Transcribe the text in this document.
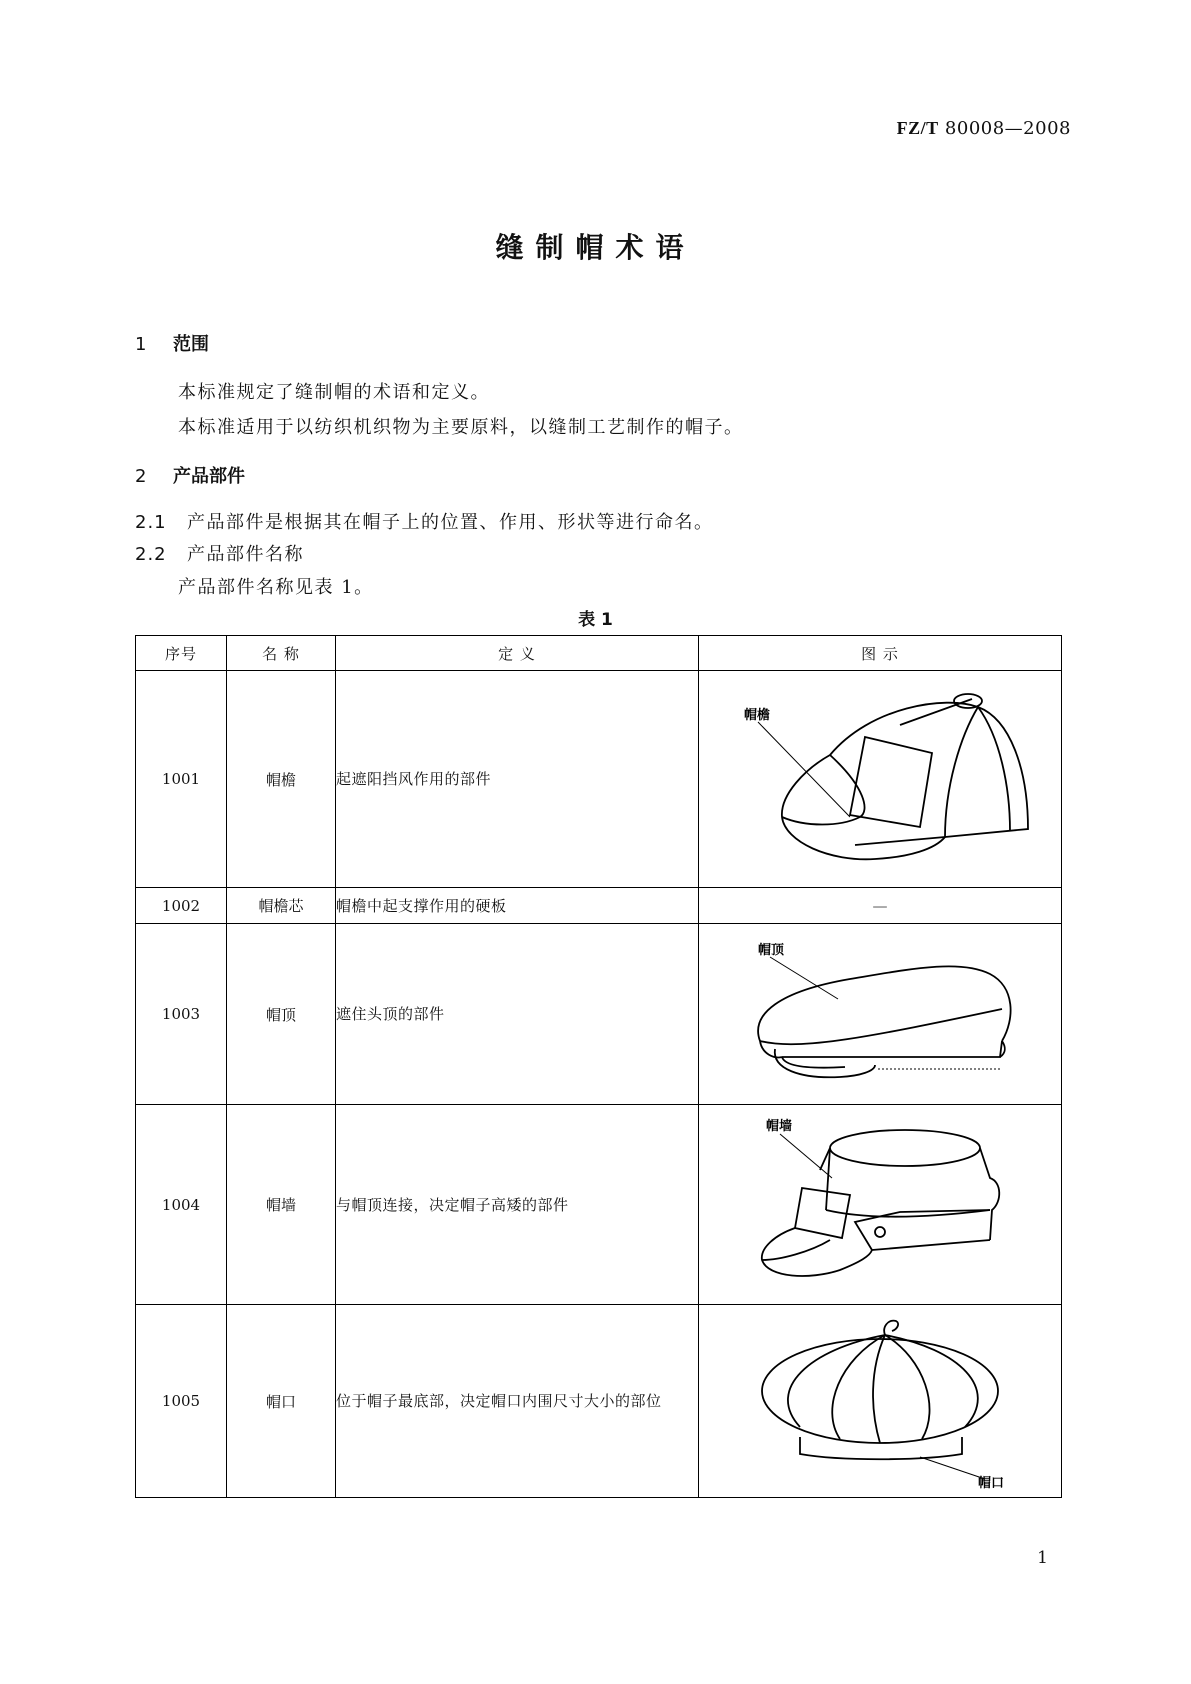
FZ/T 80008—2008
缝制帽术语
1 范围
本标准规定了缝制帽的术语和定义。
本标准适用于以纺织机织物为主要原料，以缝制工艺制作的帽子。
2 产品部件
2.1 产品部件是根据其在帽子上的位置、作用、形状等进行命名。
2.2 产品部件名称
产品部件名称见表 1。
表 1
序号	名 称	定 义	图 示
1001	帽檐	起遮阳挡风作用的部件	帽檐

1002	帽檐芯	帽檐中起支撑作用的硬板	—
1003	帽顶	遮住头顶的部件	帽顶

1004	帽墙	与帽顶连接，决定帽子高矮的部件	帽墙

1005	帽口	位于帽子最底部，决定帽口内围尺寸大小的部位	帽口
1
